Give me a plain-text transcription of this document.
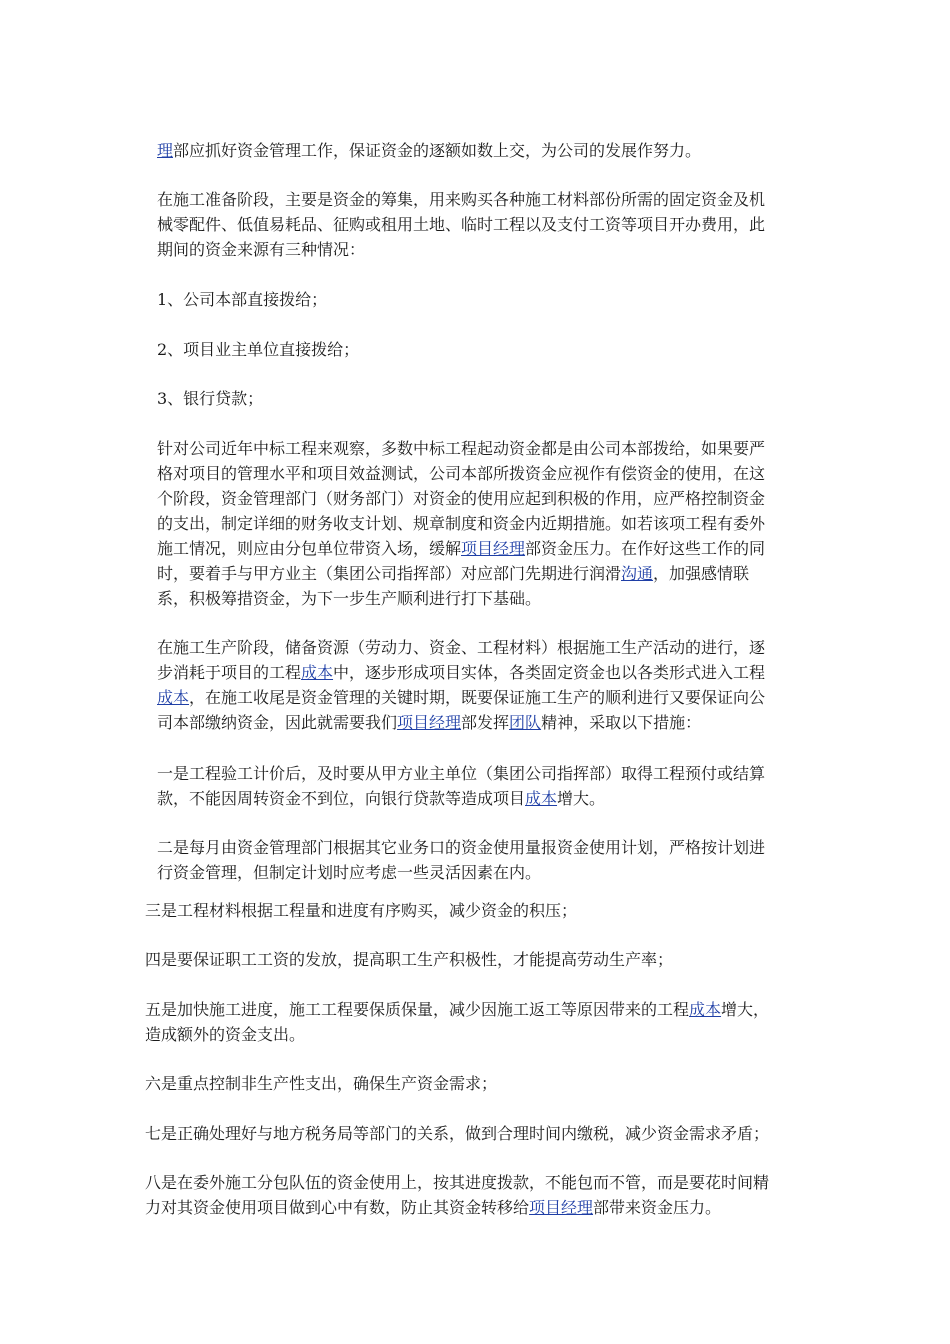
理部应抓好资金管理工作，保证资金的逐额如数上交，为公司的发展作努力。
在施工准备阶段，主要是资金的筹集，用来购买各种施工材料部份所需的固定资金及机
械零配件、低值易耗品、征购或租用土地、临时工程以及支付工资等项目开办费用，此
期间的资金来源有三种情况：
1、公司本部直接拨给；
2、项目业主单位直接拨给；
3、银行贷款；
针对公司近年中标工程来观察，多数中标工程起动资金都是由公司本部拨给，如果要严
格对项目的管理水平和项目效益测试，公司本部所拨资金应视作有偿资金的使用，在这
个阶段，资金管理部门（财务部门）对资金的使用应起到积极的作用，应严格控制资金
的支出，制定详细的财务收支计划、规章制度和资金内近期措施。如若该项工程有委外
施工情况，则应由分包单位带资入场，缓解项目经理部资金压力。在作好这些工作的同
时，要着手与甲方业主（集团公司指挥部）对应部门先期进行润滑沟通，加强感情联
系，积极筹措资金，为下一步生产顺利进行打下基础。
在施工生产阶段，储备资源（劳动力、资金、工程材料）根据施工生产活动的进行，逐
步消耗于项目的工程成本中，逐步形成项目实体，各类固定资金也以各类形式进入工程
成本，在施工收尾是资金管理的关键时期，既要保证施工生产的顺利进行又要保证向公
司本部缴纳资金，因此就需要我们项目经理部发挥团队精神，采取以下措施：
一是工程验工计价后，及时要从甲方业主单位（集团公司指挥部）取得工程预付或结算
款，不能因周转资金不到位，向银行贷款等造成项目成本增大。
二是每月由资金管理部门根据其它业务口的资金使用量报资金使用计划，严格按计划进
行资金管理，但制定计划时应考虑一些灵活因素在内。
三是工程材料根据工程量和进度有序购买，减少资金的积压；
四是要保证职工工资的发放，提高职工生产积极性，才能提高劳动生产率；
五是加快施工进度，施工工程要保质保量，减少因施工返工等原因带来的工程成本增大，
造成额外的资金支出。
六是重点控制非生产性支出，确保生产资金需求；
七是正确处理好与地方税务局等部门的关系，做到合理时间内缴税，减少资金需求矛盾；
八是在委外施工分包队伍的资金使用上，按其进度拨款，不能包而不管，而是要花时间精
力对其资金使用项目做到心中有数，防止其资金转移给项目经理部带来资金压力。
